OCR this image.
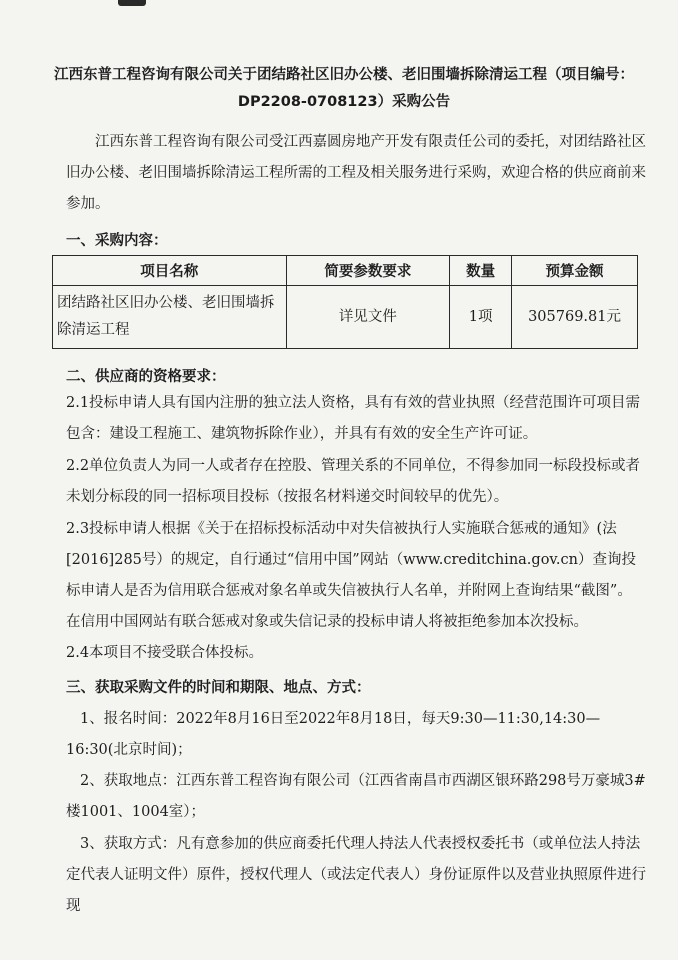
江西东普工程咨询有限公司关于团结路社区旧办公楼、老旧围墙拆除清运工程（项目编号：DP2208-0708123）采购公告
江西东普工程咨询有限公司受江西嘉圆房地产开发有限责任公司的委托，对团结路社区旧办公楼、老旧围墙拆除清运工程所需的工程及相关服务进行采购，欢迎合格的供应商前来参加。
一、采购内容：
项目名称	简要参数要求	数量	预算金额
团结路社区旧办公楼、老旧围墙拆除清运工程	详见文件	1项	305769.81元
二、供应商的资格要求：
2.1投标申请人具有国内注册的独立法人资格，具有有效的营业执照（经营范围许可项目需包含：建设工程施工、建筑物拆除作业），并具有有效的安全生产许可证。
2.2单位负责人为同一人或者存在控股、管理关系的不同单位，不得参加同一标段投标或者未划分标段的同一招标项目投标（按报名材料递交时间较早的优先）。
2.3投标申请人根据《关于在招标投标活动中对失信被执行人实施联合惩戒的通知》(法[2016]285号）的规定，自行通过“信用中国”网站（www.creditchina.gov.cn）查询投标申请人是否为信用联合惩戒对象名单或失信被执行人名单，并附网上查询结果“截图”。在信用中国网站有联合惩戒对象或失信记录的投标申请人将被拒绝参加本次投标。
2.4本项目不接受联合体投标。
三、获取采购文件的时间和期限、地点、方式：
1、报名时间：2022年8月16日至2022年8月18日，每天9:30—11:30,14:30—16:30(北京时间)；
2、获取地点：江西东普工程咨询有限公司（江西省南昌市西湖区银环路298号万豪城3#楼1001、1004室）；
3、获取方式：凡有意参加的供应商委托代理人持法人代表授权委托书（或单位法人持法定代表人证明文件）原件，授权代理人（或法定代表人）身份证原件以及营业执照原件进行现
